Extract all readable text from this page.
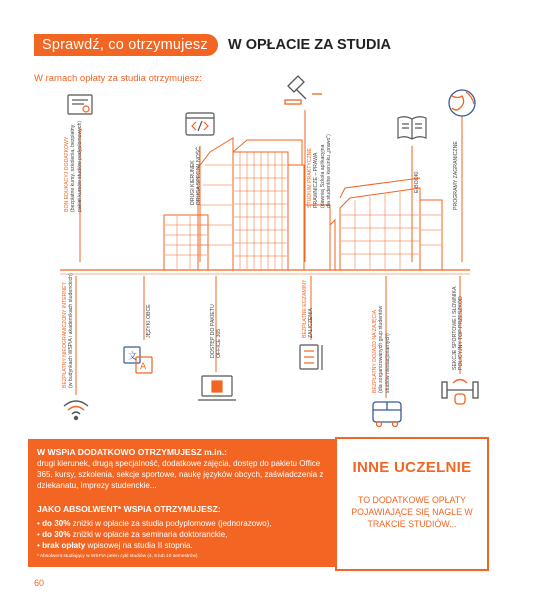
Sprawdź, co otrzymujesz	W OPŁACIE ZA STUDIA
W ramach opłaty za studia otrzymujesz:
文
A
BON EDUKACYJ DODATKOWY (bezpłatne kursy, szkolenia, bezpłatny pakiet kursów studiów podyplomowych)	DRUGI KIERUNEK DRUGA SPECJALNOŚĆ	STUDIUM PRAKTYCZNE PRAWNICZE – PRAWA (dawniej Szkoła aplikacyjna dla studentów kierunku „prawo”)	E-BOOKI	PROGRAMY ZAGRANICZNE
BEZPŁATNY NIEOGRANICZONY INTERNET (w budynkach WSPiA i akademikach studenckich)	JĘZYKI OBCE	DOSTĘP DO PAKIETU OFFICE 365
BEZPŁATNE EGZAMINY ZALICZENIA	BEZPŁATNY DOJAZD NA ZAJĘCIA (dla zorganizowanych grup studentów studiów niestacjonarnych)	SEKCJE SPORTOWE I SŁOWNIKA POLICYJNY TOP PRZESZKÓD
W WSPiA DODATKOWO OTRZYMUJESZ m.in.:
drugi kierunek, drugą specjalność, dodatkowe zajęcia, dostęp do pakietu Office 365, kursy, szkolenia, sekcje sportowe, naukę języków obcych, zaświadczenia z dziekanatu, imprezy studenckie...
JAKO ABSOLWENT* WSPiA OTRZYMUJESZ:
• do 30% zniżki w opłacie za studia podyplomowe (jednorazowo),
• do 30% zniżki w opłacie za seminaria doktoranckie,
• brak opłaty wpisowej na studia II stopnia.
* Absolwent studiujący w WSPiA pełen cykl studiów (4, 6 lub 10 semestrów)
INNE UCZELNIE
TO DODATKOWE OPŁATY POJAWIAJĄCE SIĘ NAGLE W TRAKCIE STUDIÓW...
60
